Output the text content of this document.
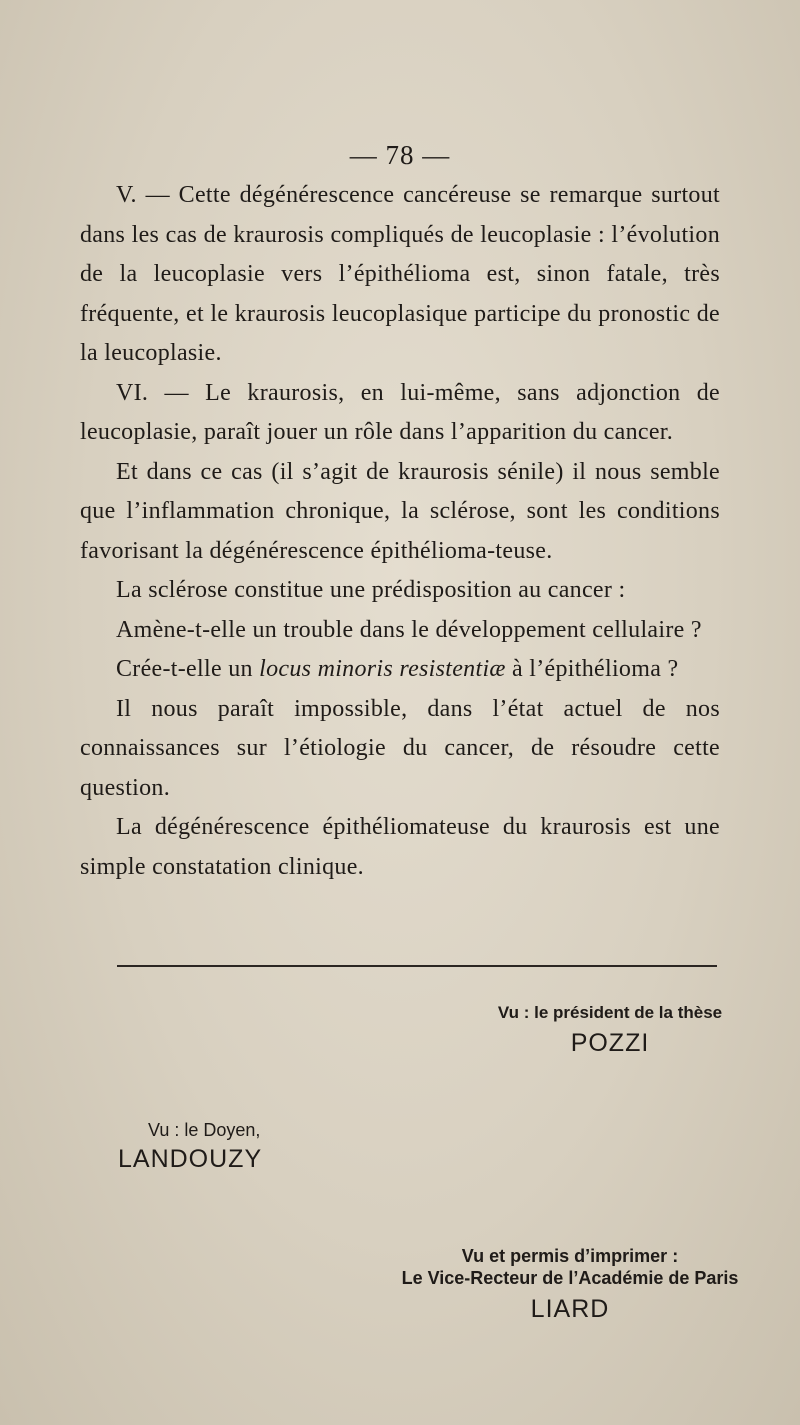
— 78 —

V. — Cette dégénérescence cancéreuse se remarque surtout dans les cas de kraurosis compliqués de leucoplasie : l’évolution de la leucoplasie vers l’épithélioma est, sinon fatale, très fréquente, et le kraurosis leucoplasique participe du pronostic de la leucoplasie.

VI. — Le kraurosis, en lui-même, sans adjonction de leucoplasie, paraît jouer un rôle dans l’apparition du cancer.

Et dans ce cas (il s’agit de kraurosis sénile) il nous semble que l’inflammation chronique, la sclérose, sont les conditions favorisant la dégénérescence épithélioma-teuse.

La sclérose constitue une prédisposition au cancer :

Amène-t-elle un trouble dans le développement cellulaire ?

Crée-t-elle un locus minoris resistentiæ à l’épithélioma ?

Il nous paraît impossible, dans l’état actuel de nos connaissances sur l’étiologie du cancer, de résoudre cette question.

La dégénérescence épithéliomateuse du kraurosis est une simple constatation clinique.

Vu : le président de la thèse
POZZI
Vu : le Doyen,
LANDOUZY
Vu et permis d’imprimer :
Le Vice-Recteur de l’Académie de Paris
LIARD
